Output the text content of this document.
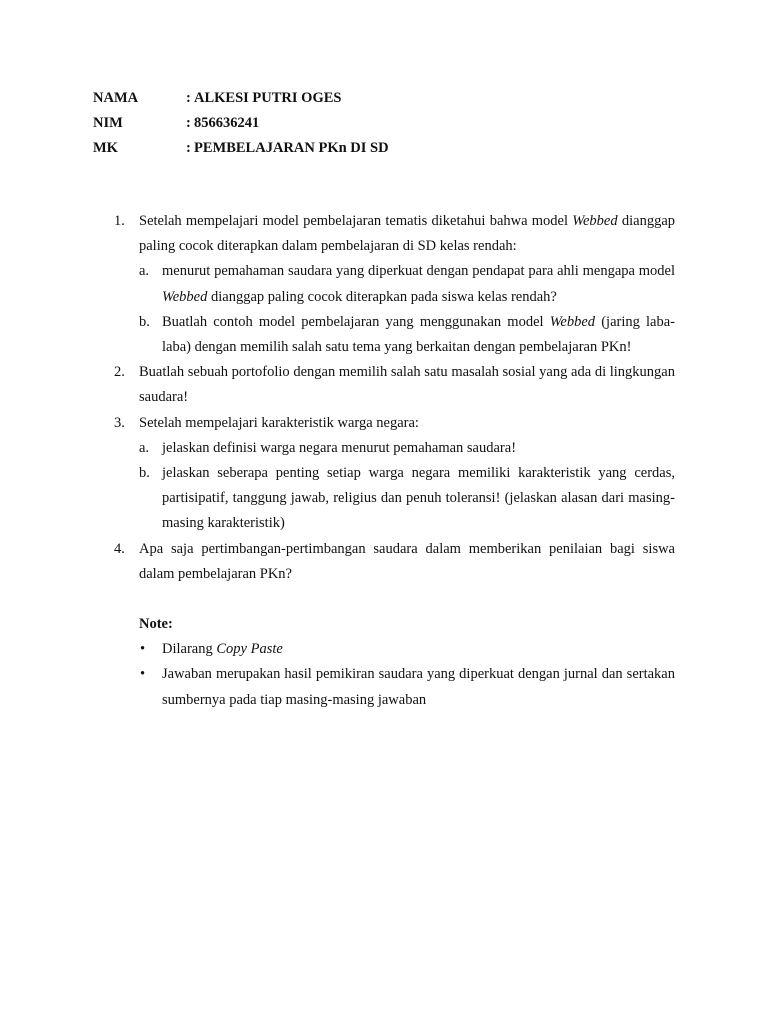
NAMA	: ALKESI PUTRI OGES
NIM	: 856636241
MK	: PEMBELAJARAN PKn DI SD
1. Setelah mempelajari model pembelajaran tematis diketahui bahwa model Webbed dianggap paling cocok diterapkan dalam pembelajaran di SD kelas rendah:
a. menurut pemahaman saudara yang diperkuat dengan pendapat para ahli mengapa model Webbed dianggap paling cocok diterapkan pada siswa kelas rendah?
b. Buatlah contoh model pembelajaran yang menggunakan model Webbed (jaring laba-laba) dengan memilih salah satu tema yang berkaitan dengan pembelajaran PKn!
2. Buatlah sebuah portofolio dengan memilih salah satu masalah sosial yang ada di lingkungan saudara!
3. Setelah mempelajari karakteristik warga negara:
a. jelaskan definisi warga negara menurut pemahaman saudara!
b. jelaskan seberapa penting setiap warga negara memiliki karakteristik yang cerdas, partisipatif, tanggung jawab, religius dan penuh toleransi! (jelaskan alasan dari masing-masing karakteristik)
4. Apa saja pertimbangan-pertimbangan saudara dalam memberikan penilaian bagi siswa dalam pembelajaran PKn?
Note:
• Dilarang Copy Paste
• Jawaban merupakan hasil pemikiran saudara yang diperkuat dengan jurnal dan sertakan sumbernya pada tiap masing-masing jawaban
